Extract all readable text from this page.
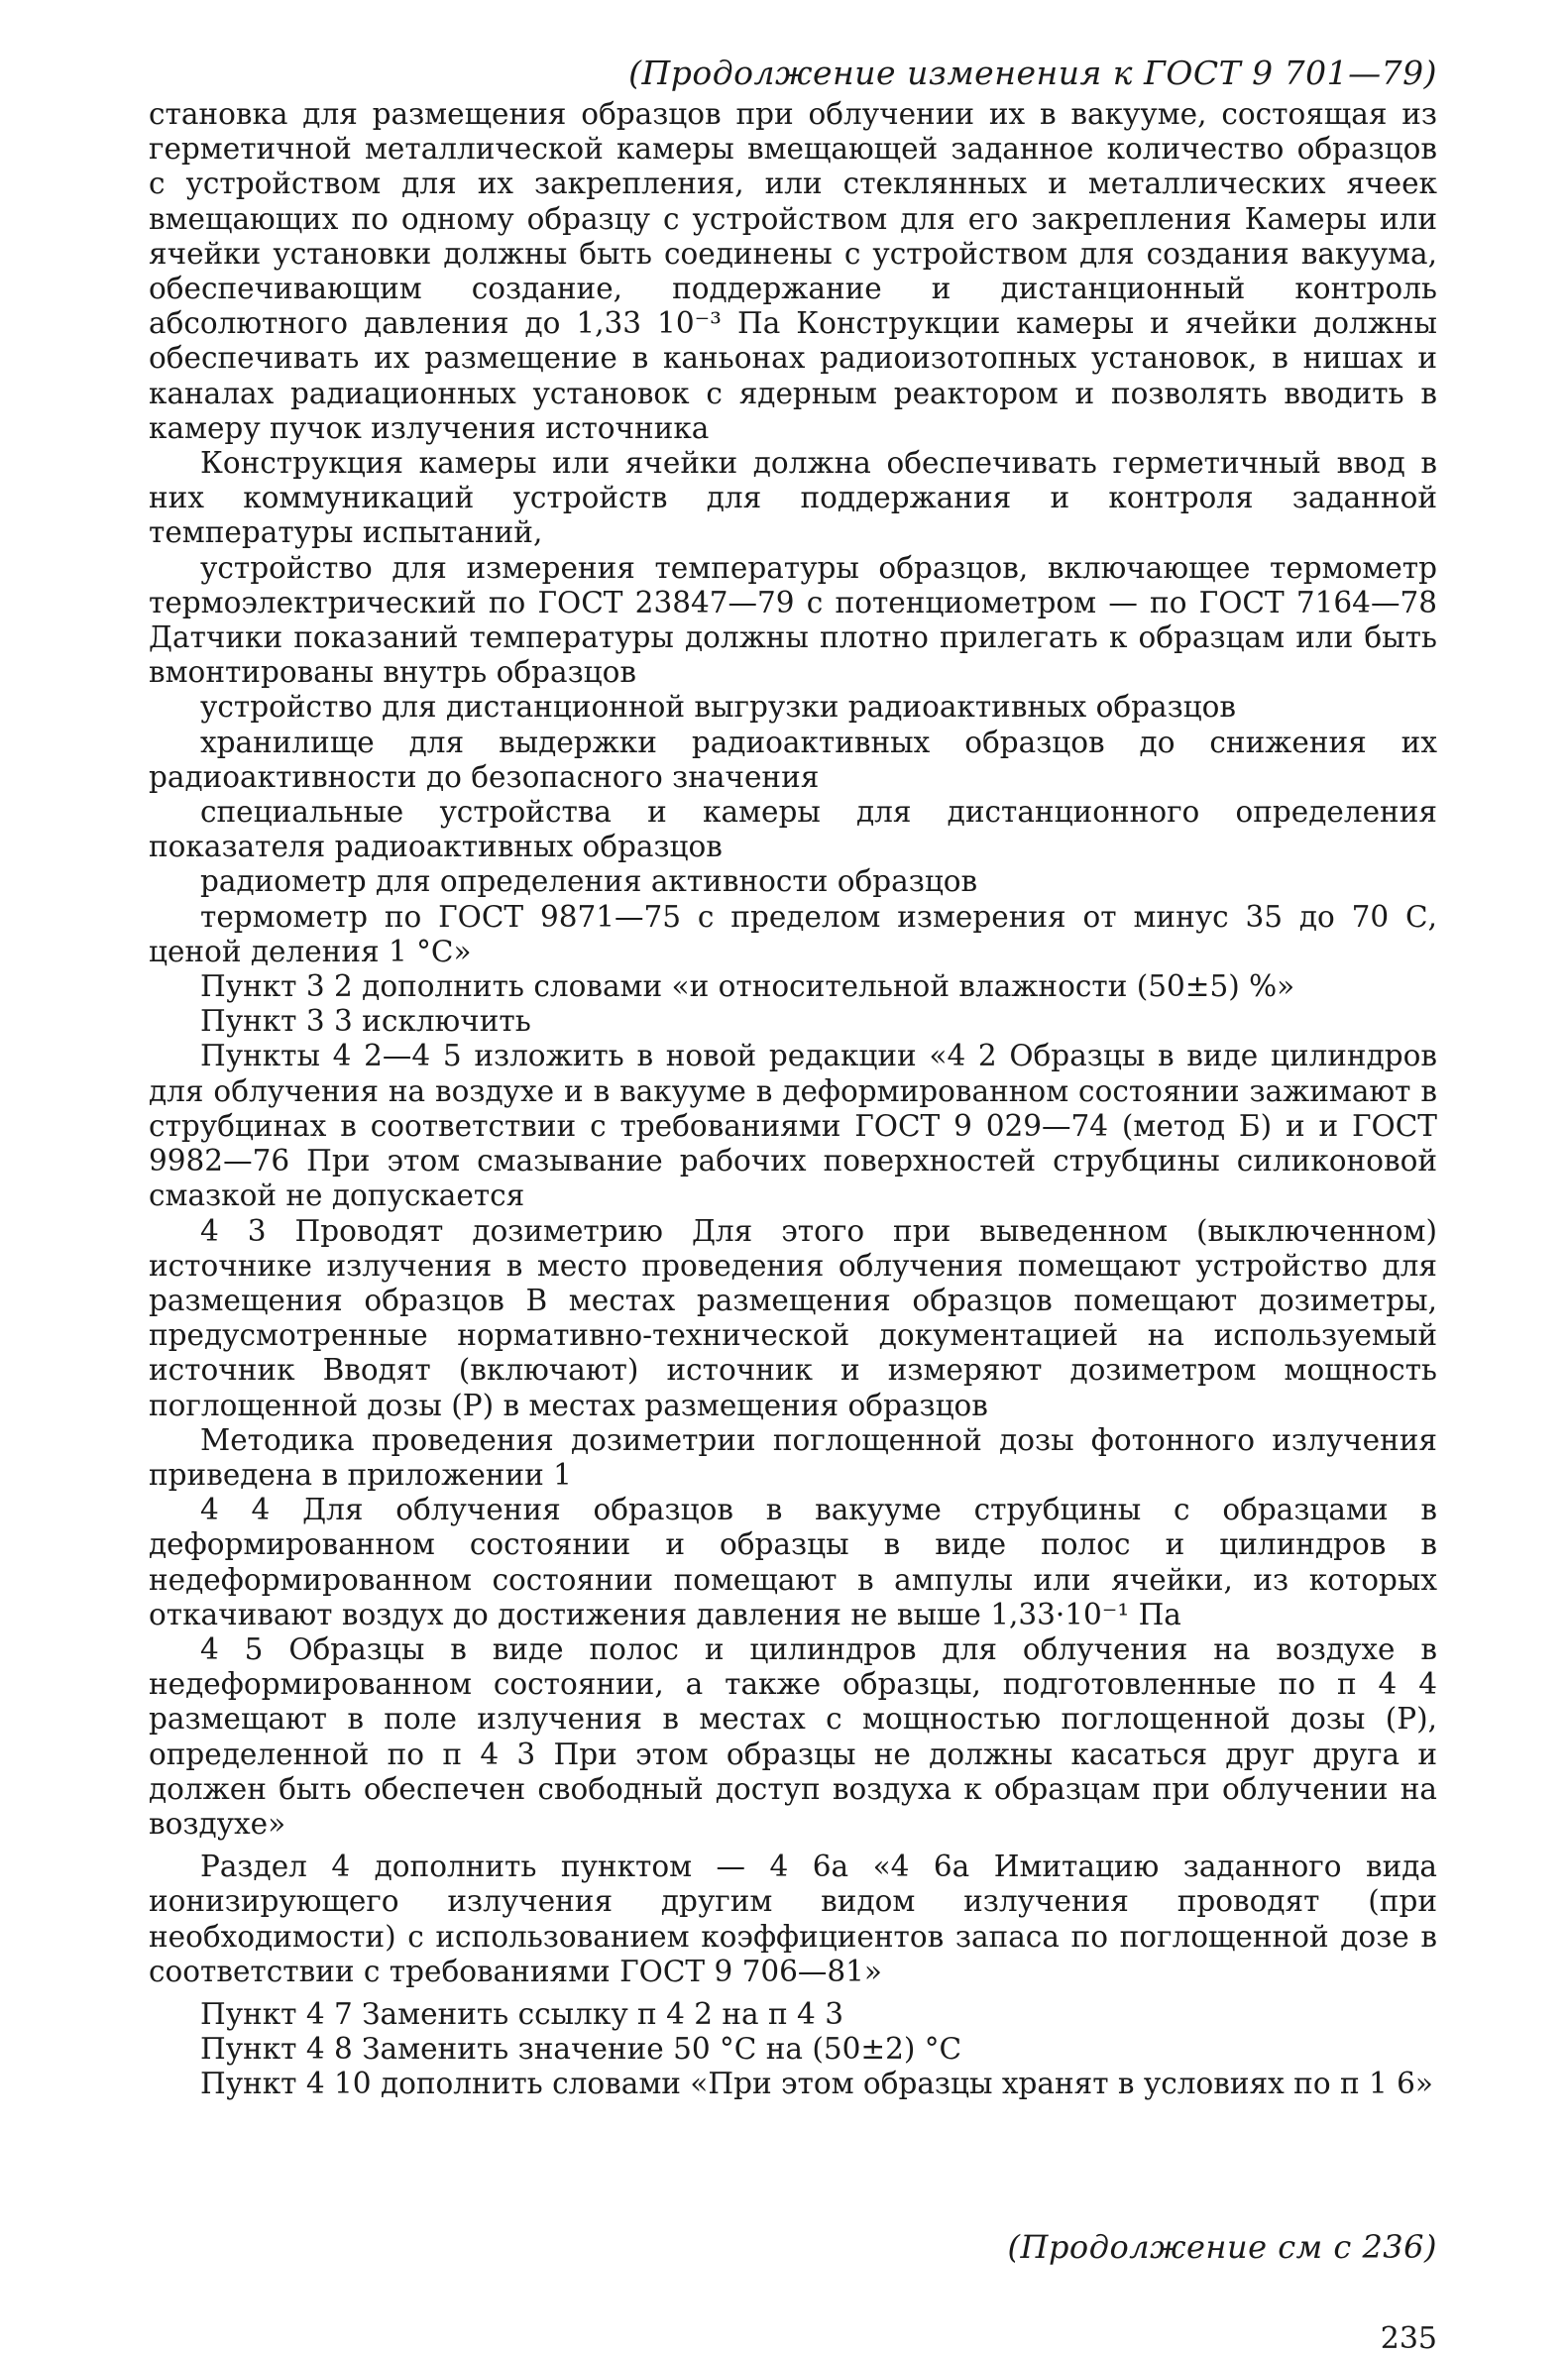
(Продолжение изменения к ГОСТ 9 701—79)

становка для размещения образцов при облучении их в вакууме, состоящая из герметичной металлической камеры вмещающей заданное количество образцов с устройством для их закрепления, или стеклянных и металлических ячеек вмещающих по одному образцу с устройством для его закрепления Камеры или ячейки установки должны быть соединены с устройством для создания вакуума, обеспечивающим создание, поддержание и дистанционный контроль абсолютного давления до 1,33 10⁻³ Па Конструкции камеры и ячейки должны обеспечивать их размещение в каньонах радиоизотопных установок, в нишах и каналах радиационных установок с ядерным реактором и позволять вводить в камеру пучок излучения источника

Конструкция камеры или ячейки должна обеспечивать герметичный ввод в них коммуникаций устройств для поддержания и контроля заданной температуры испытаний,

устройство для измерения температуры образцов, включающее термометр термоэлектрический по ГОСТ 23847—79 с потенциометром — по ГОСТ 7164—78 Датчики показаний температуры должны плотно прилегать к образцам или быть вмонтированы внутрь образцов

устройство для дистанционной выгрузки радиоактивных образцов

хранилище для выдержки радиоактивных образцов до снижения их радиоактивности до безопасного значения

специальные устройства и камеры для дистанционного определения показателя радиоактивных образцов

радиометр для определения активности образцов

термометр по ГОСТ 9871—75 с пределом измерения от минус 35 до 70 С, ценой деления 1 °С»

Пункт 3 2 дополнить словами «и относительной влажности (50±5) %»

Пункт 3 3 исключить

Пункты 4 2—4 5 изложить в новой редакции «4 2 Образцы в виде цилиндров для облучения на воздухе и в вакууме в деформированном состоянии зажимают в струбцинах в соответствии с требованиями ГОСТ 9 029—74 (метод Б) и и ГОСТ 9982—76 При этом смазывание рабочих поверхностей струбцины силиконовой смазкой не допускается

4 3 Проводят дозиметрию Для этого при выведенном (выключенном) источнике излучения в место проведения облучения помещают устройство для размещения образцов В местах размещения образцов помещают дозиметры, предусмотренные нормативно-технической документацией на используемый источник Вводят (включают) источник и измеряют дозиметром мощность поглощенной дозы (P) в местах размещения образцов

Методика проведения дозиметрии поглощенной дозы фотонного излучения приведена в приложении 1

4 4 Для облучения образцов в вакууме струбцины с образцами в деформированном состоянии и образцы в виде полос и цилиндров в недеформированном состоянии помещают в ампулы или ячейки, из которых откачивают воздух до достижения давления не выше 1,33·10⁻¹ Па

4 5 Образцы в виде полос и цилиндров для облучения на воздухе в недеформированном состоянии, а также образцы, подготовленные по п 4 4 размещают в поле излучения в местах с мощностью поглощенной дозы (P), определенной по п 4 3 При этом образцы не должны касаться друг друга и должен быть обеспечен свободный доступ воздуха к образцам при облучении на воздухе»

Раздел 4 дополнить пунктом — 4 6а «4 6а Имитацию заданного вида ионизирующего излучения другим видом излучения проводят (при необходимости) с использованием коэффициентов запаса по поглощенной дозе в соответствии с требованиями ГОСТ 9 706—81»

Пункт 4 7 Заменить ссылку п 4 2 на п 4 3

Пункт 4 8 Заменить значение 50 °С на (50±2) °С

Пункт 4 10 дополнить словами «При этом образцы хранят в условиях по п 1 6»

(Продолжение см с 236)
235
